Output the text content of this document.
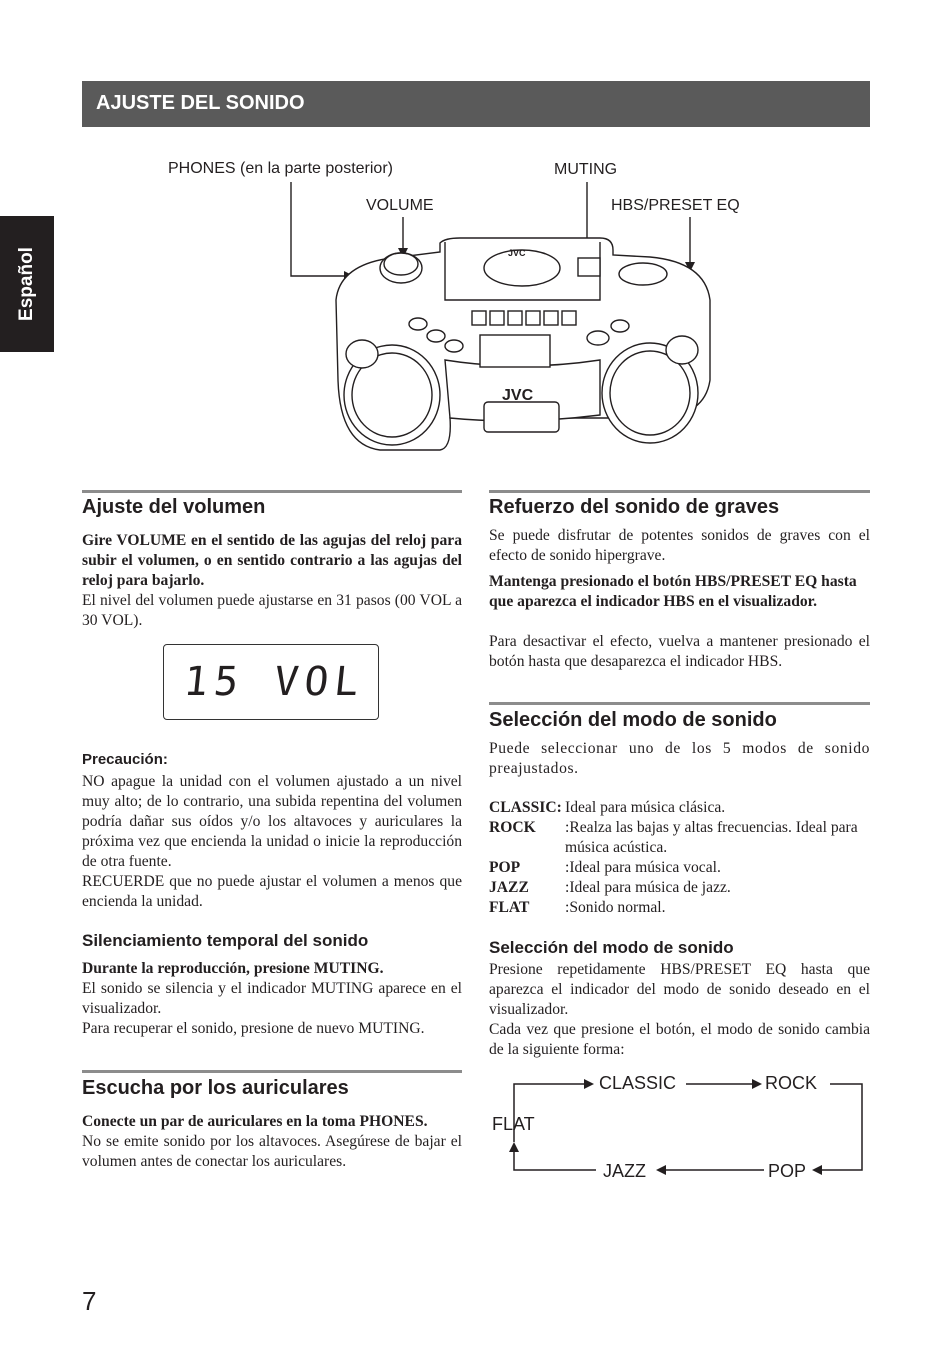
AJUSTE DEL SONIDO
Español
PHONES (en la parte posterior)
VOLUME
MUTING
HBS/PRESET EQ
JVC
JVC
Ajuste del volumen
Gire VOLUME en el sentido de las agujas del reloj para subir el volumen, o en sentido contrario a las agujas del reloj para bajarlo.
El nivel del volumen puede ajustarse en 31 pasos (00 VOL a 30 VOL).
15 VOL
Precaución:
NO apague la unidad con el volumen ajustado a un nivel muy alto; de lo contrario, una subida repentina del volumen podría dañar sus oídos y/o los altavoces y auriculares la próxima vez que encienda la unidad o inicie la reproducción de otra fuente.
RECUERDE que no puede ajustar el volumen a menos que encienda la unidad.
Silenciamiento temporal del sonido
Durante la reproducción, presione MUTING.
El sonido se silencia y el indicador MUTING aparece en el visualizador.
Para recuperar el sonido, presione de nuevo MUTING.
Escucha por los auriculares
Conecte un par de auriculares en la toma PHONES.
No se emite sonido por los altavoces. Asegúrese de bajar el volumen antes de conectar los auriculares.
Refuerzo del sonido de graves
Se puede disfrutar de potentes sonidos de graves con el efecto de sonido hipergrave.
Mantenga presionado el botón HBS/PRESET EQ hasta que aparezca el indicador HBS en el visualizador.
Para desactivar el efecto, vuelva a mantener presionado el botón hasta que desaparezca el indicador HBS.
Selección del modo de sonido
Puede seleccionar uno de los 5 modos de sonido preajustados.
CLASSIC: Ideal para música clásica.
ROCK	:Realza las bajas y altas frecuencias. Ideal para música acústica.
POP	:Ideal para música vocal.
JAZZ	:Ideal para música de jazz.
FLAT	:Sonido normal.
Selección del modo de sonido
Presione repetidamente HBS/PRESET EQ hasta que aparezca el indicador del modo de sonido deseado en el visualizador.
Cada vez que presione el botón, el modo de sonido cambia de la siguiente forma:
CLASSIC	ROCK
FLAT
JAZZ	POP
7
